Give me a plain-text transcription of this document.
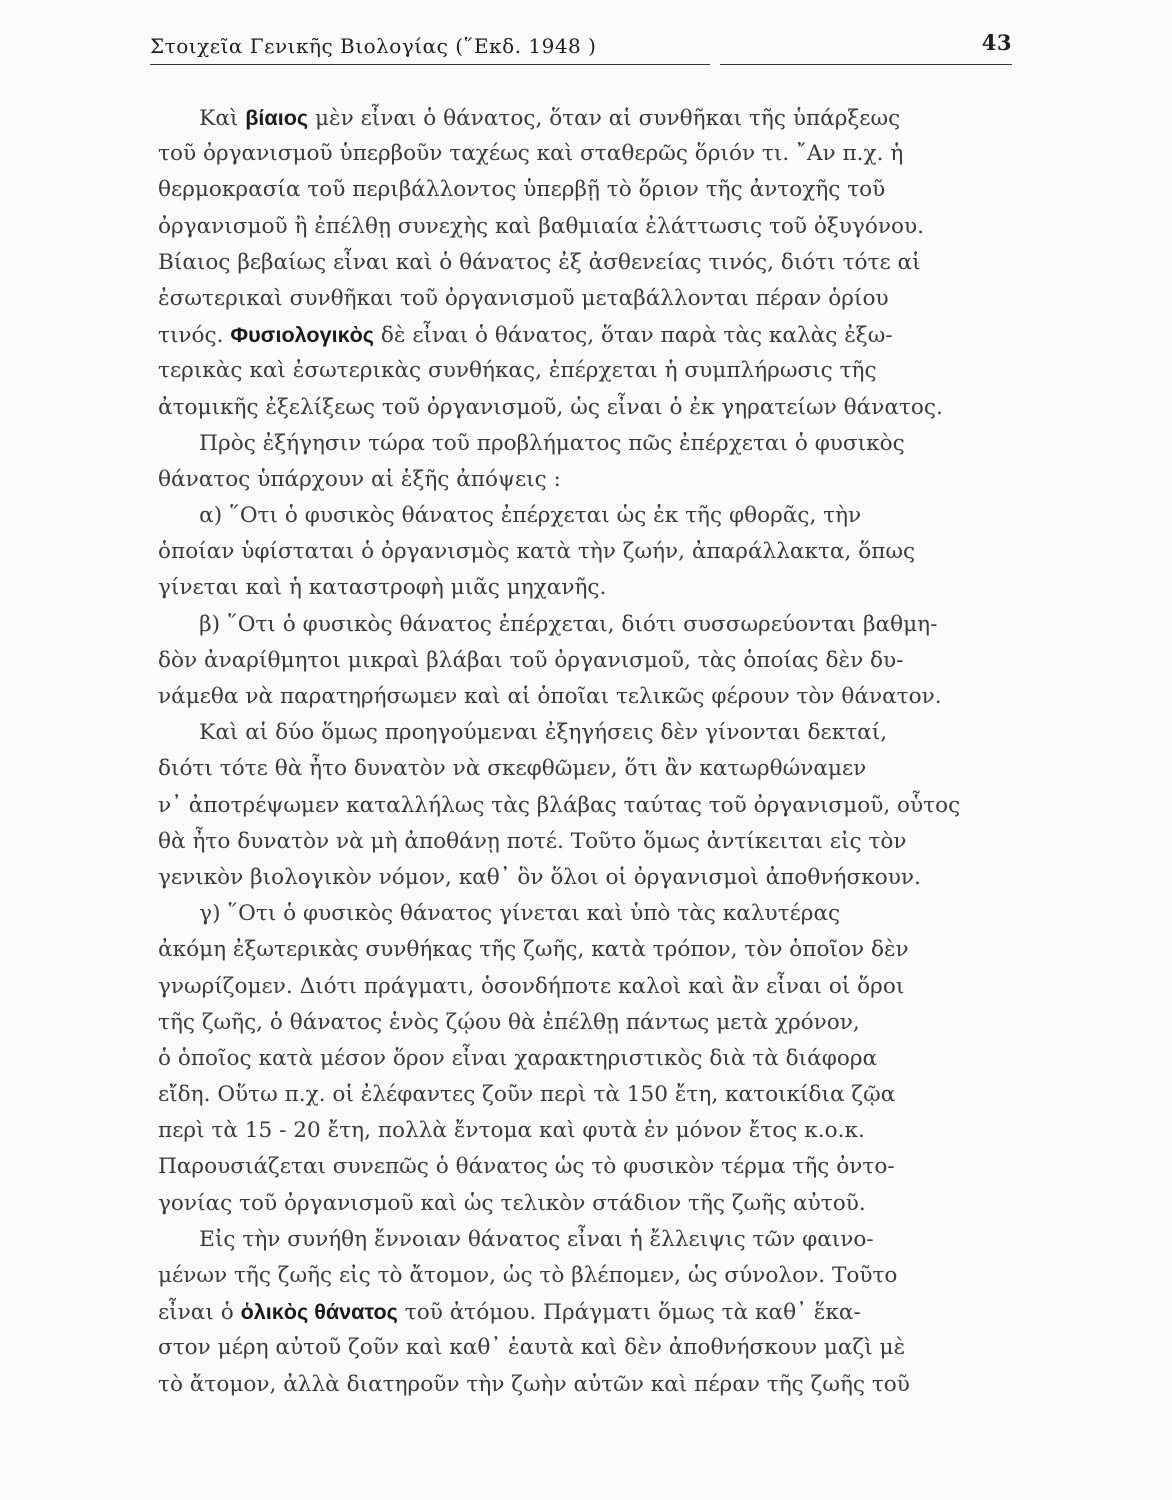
Στοιχεῖα Γενικῆς Βιολογίας (῞Εκδ. 1948 )	43
Καὶ βίαιος μὲν εἶναι ὁ θάνατος, ὅταν αἱ συνθῆκαι τῆς ὑπάρξεως
τοῦ ὀργανισμοῦ ὑπερβοῦν ταχέως καὶ σταθερῶς ὅριόν τι. ῎Αν π.χ. ἡ
θερμοκρασία τοῦ περιβάλλοντος ὑπερβῇ τὸ ὅριον τῆς ἀντοχῆς τοῦ
ὀργανισμοῦ ἢ ἐπέλθῃ συνεχὴς καὶ βαθμιαία ἐλάττωσις τοῦ ὀξυγόνου.
Βίαιος βεβαίως εἶναι καὶ ὁ θάνατος ἐξ ἀσθενείας τινός, διότι τότε αἱ
ἐσωτερικαὶ συνθῆκαι τοῦ ὀργανισμοῦ μεταβάλλονται πέραν ὁρίου
τινός. Φυσιολογικὸς δὲ εἶναι ὁ θάνατος, ὅταν παρὰ τὰς καλὰς ἐξω-
τερικὰς καὶ ἐσωτερικὰς συνθήκας, ἐπέρχεται ἡ συμπλήρωσις τῆς
ἀτομικῆς ἐξελίξεως τοῦ ὀργανισμοῦ, ὡς εἶναι ὁ ἐκ γηρατείων θάνατος.
Πρὸς ἐξήγησιν τώρα τοῦ προβλήματος πῶς ἐπέρχεται ὁ φυσικὸς
θάνατος ὑπάρχουν αἱ ἑξῆς ἀπόψεις :
α) ῞Οτι ὁ φυσικὸς θάνατος ἐπέρχεται ὡς ἐκ τῆς φθορᾶς, τὴν
ὁποίαν ὑφίσταται ὁ ὀργανισμὸς κατὰ τὴν ζωήν, ἀπαράλλακτα, ὅπως
γίνεται καὶ ἡ καταστροφὴ μιᾶς μηχανῆς.
β) ῞Οτι ὁ φυσικὸς θάνατος ἐπέρχεται, διότι συσσωρεύονται βαθμη-
δὸν ἀναρίθμητοι μικραὶ βλάβαι τοῦ ὀργανισμοῦ, τὰς ὁποίας δὲν δυ-
νάμεθα νὰ παρατηρήσωμεν καὶ αἱ ὁποῖαι τελικῶς φέρουν τὸν θάνατον.
Καὶ αἱ δύο ὅμως προηγούμεναι ἐξηγήσεις δὲν γίνονται δεκταί,
διότι τότε θὰ ἦτο δυνατὸν νὰ σκεφθῶμεν, ὅτι ἂν κατωρθώναμεν
ν᾿ ἀποτρέψωμεν καταλλήλως τὰς βλάβας ταύτας τοῦ ὀργανισμοῦ, οὗτος
θὰ ἦτο δυνατὸν νὰ μὴ ἀποθάνῃ ποτέ. Τοῦτο ὅμως ἀντίκειται εἰς τὸν
γενικὸν βιολογικὸν νόμον, καθ᾿ ὃν ὅλοι οἱ ὀργανισμοὶ ἀποθνήσκουν.
γ) ῞Οτι ὁ φυσικὸς θάνατος γίνεται καὶ ὑπὸ τὰς καλυτέρας
ἀκόμη ἐξωτερικὰς συνθήκας τῆς ζωῆς, κατὰ τρόπον, τὸν ὁποῖον δὲν
γνωρίζομεν. Διότι πράγματι, ὁσονδήποτε καλοὶ καὶ ἂν εἶναι οἱ ὅροι
τῆς ζωῆς, ὁ θάνατος ἑνὸς ζῴου θὰ ἐπέλθῃ πάντως μετὰ χρόνον,
ὁ ὁποῖος κατὰ μέσον ὅρον εἶναι χαρακτηριστικὸς διὰ τὰ διάφορα
εἴδη. Οὕτω π.χ. οἱ ἐλέφαντες ζοῦν περὶ τὰ 150 ἔτη, κατοικίδια ζῷα
περὶ τὰ 15 - 20 ἔτη, πολλὰ ἔντομα καὶ φυτὰ ἐν μόνον ἔτος κ.ο.κ.
Παρουσιάζεται συνεπῶς ὁ θάνατος ὡς τὸ φυσικὸν τέρμα τῆς ὀντο-
γονίας τοῦ ὀργανισμοῦ καὶ ὡς τελικὸν στάδιον τῆς ζωῆς αὐτοῦ.
Εἰς τὴν συνήθη ἔννοιαν θάνατος εἶναι ἡ ἔλλειψις τῶν φαινο-
μένων τῆς ζωῆς εἰς τὸ ἄτομον, ὡς τὸ βλέπομεν, ὡς σύνολον. Τοῦτο
εἶναι ὁ ὁλικὸς θάνατος τοῦ ἀτόμου. Πράγματι ὅμως τὰ καθ᾿ ἕκα-
στον μέρη αὐτοῦ ζοῦν καὶ καθ᾿ ἑαυτὰ καὶ δὲν ἀποθνήσκουν μαζὶ μὲ
τὸ ἄτομον, ἀλλὰ διατηροῦν τὴν ζωὴν αὐτῶν καὶ πέραν τῆς ζωῆς τοῦ
